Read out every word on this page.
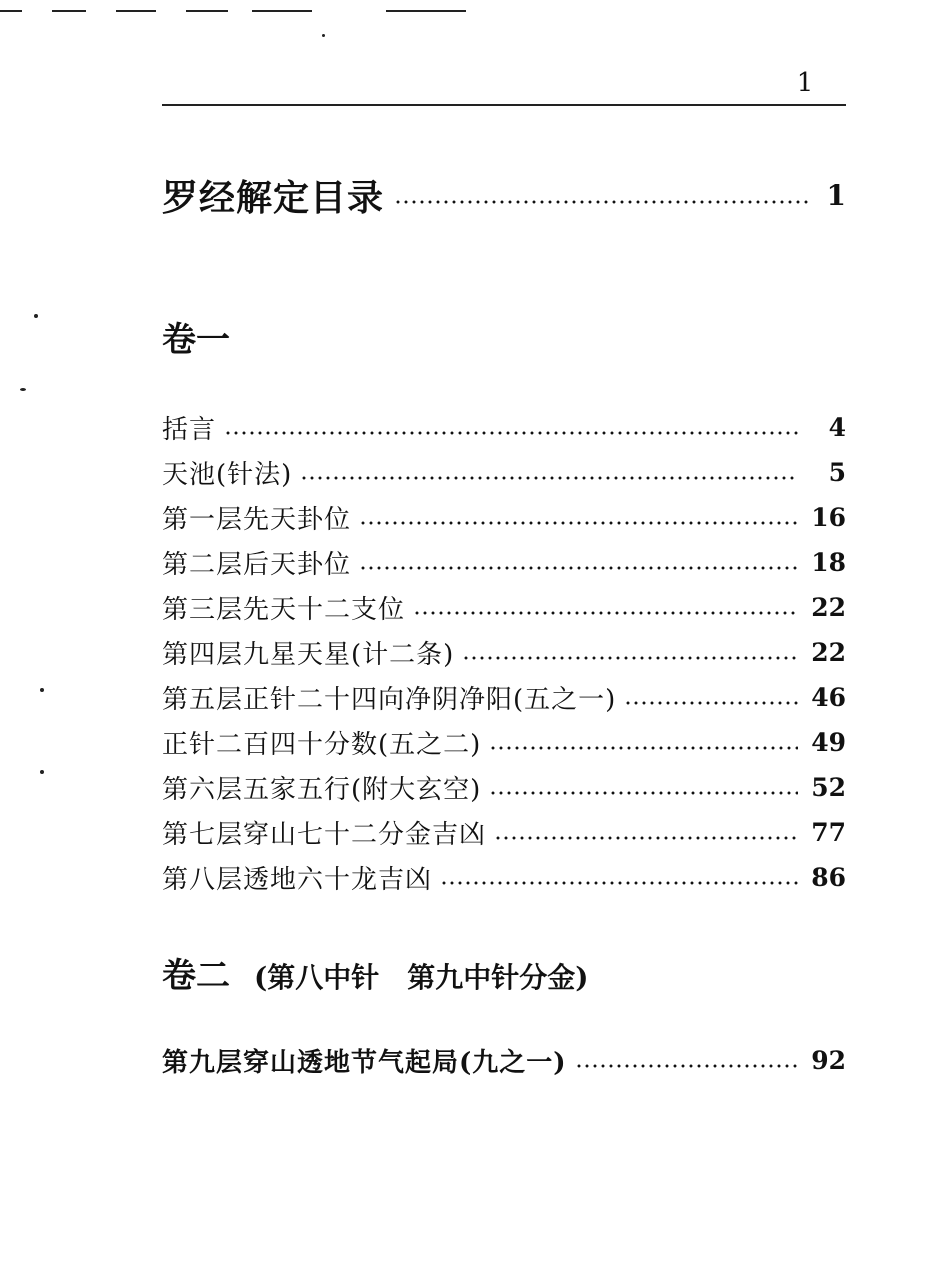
1
罗经解定目录	1
卷一
括言	4
天池(针法)	5
第一层先天卦位	16
第二层后天卦位	18
第三层先天十二支位	22
第四层九星天星(计二条)	22
第五层正针二十四向净阴净阳(五之一)	46
正针二百四十分数(五之二)	49
第六层五家五行(附大玄空)	52
第七层穿山七十二分金吉凶	77
第八层透地六十龙吉凶	86
卷二 (第八中针　第九中针分金)
第九层穿山透地节气起局(九之一)	92
